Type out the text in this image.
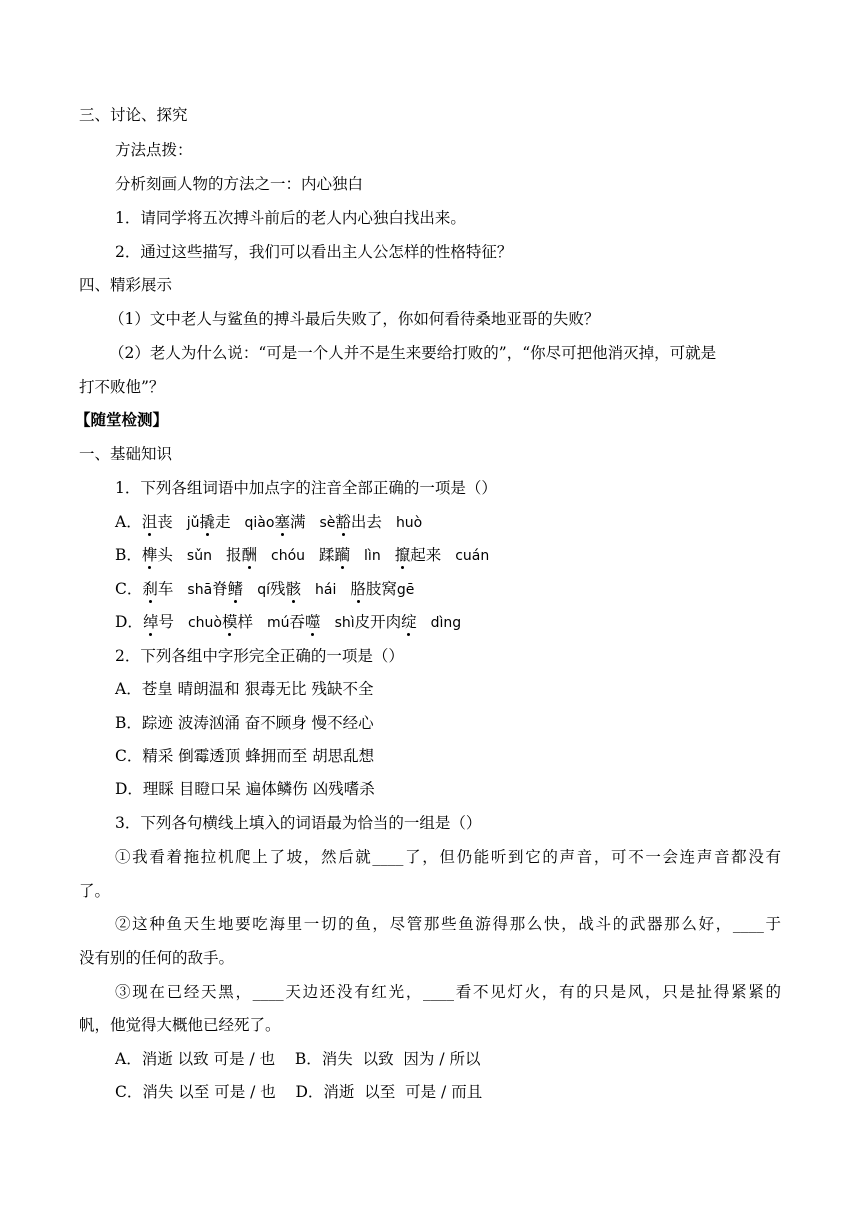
三、讨论、探究
方法点拨：
分析刻画人物的方法之一：内心独白
1．请同学将五次搏斗前后的老人内心独白找出来。
2．通过这些描写，我们可以看出主人公怎样的性格特征？
四、精彩展示
（1）文中老人与鲨鱼的搏斗最后失败了，你如何看待桑地亚哥的失败？
（2）老人为什么说：“可是一个人并不是生来要给打败的”，“你尽可把他消灭掉，可就是
打不败他”？
【随堂检测】
一、基础知识
1．下列各组词语中加点字的注音全部正确的一项是（）
A．沮丧 jǔ撬走 qiào塞满 sè豁出去 huò
B．榫头 sǔn 报酬 chóu 蹂躏 lìn 攛起来 cuán
C．刹车 shā脊鳍 qí残骸 hái 胳肢窝gē
D．绰号 chuò模样 mú吞噬 shì皮开肉绽 dìng
2．下列各组中字形完全正确的一项是（）
A．苍皇 晴朗温和 狠毒无比 残缺不全
B．踪迹 波涛汹涌 奋不顾身 慢不经心
C．精采 倒霉透顶 蜂拥而至 胡思乱想
D．理睬 目瞪口呆 遍体鳞伤 凶残嗜杀
3．下列各句横线上填入的词语最为恰当的一组是（）
①我看着拖拉机爬上了坡，然后就____了，但仍能听到它的声音，可不一会连声音都没有
了。
②这种鱼天生地要吃海里一切的鱼，尽管那些鱼游得那么快，战斗的武器那么好，____于
没有别的任何的敌手。
③现在已经天黑，____天边还没有红光，____看不见灯火，有的只是风，只是扯得紧紧的
帆，他觉得大概他已经死了。
A．消逝 以致 可是 / 也    B．消失  以致  因为 / 所以
C．消失 以至 可是 / 也    D．消逝  以至  可是 / 而且
